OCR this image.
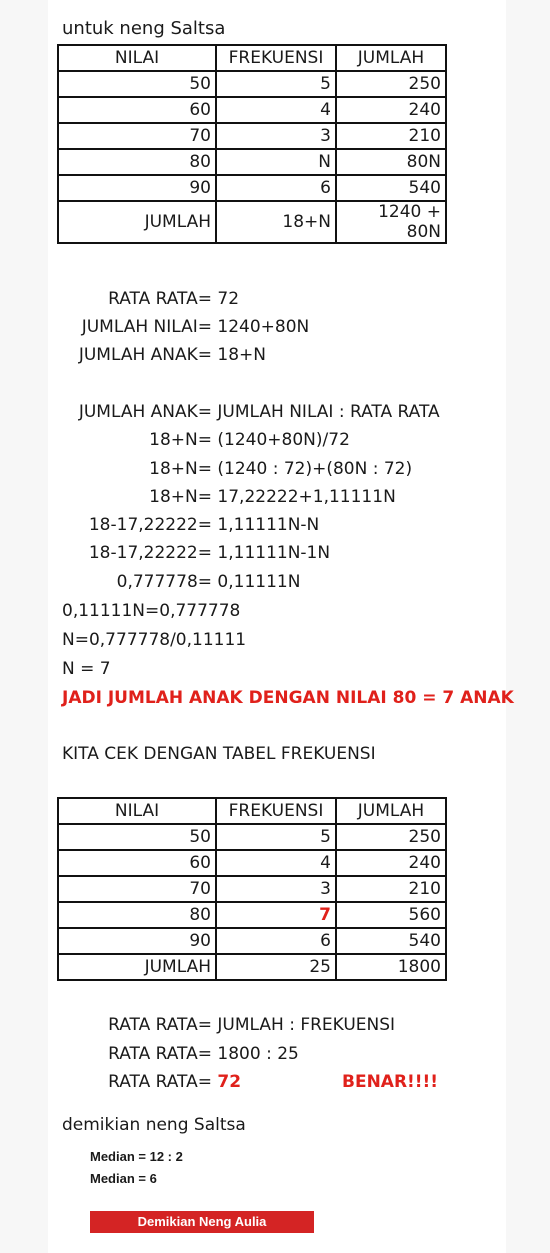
untuk neng Saltsa
NILAI	FREKUENSI	JUMLAH
50	5	250
60	4	240
70	3	210
80	N	80N
90	6	540
JUMLAH	18+N	1240 + 80N
RATA RATA= 72
JUMLAH NILAI= 1240+80N
JUMLAH ANAK= 18+N
JUMLAH ANAK= JUMLAH NILAI : RATA RATA
18+N= (1240+80N)/72
18+N= (1240 : 72)+(80N : 72)
18+N= 17,22222+1,11111N
18-17,22222= 1,11111N-N
18-17,22222= 1,11111N-1N
0,777778= 0,11111N
0,11111N=0,777778
N=0,777778/0,11111
N = 7
JADI JUMLAH ANAK DENGAN NILAI 80 = 7 ANAK
KITA CEK DENGAN TABEL FREKUENSI
NILAI	FREKUENSI	JUMLAH
50	5	250
60	4	240
70	3	210
80	7	560
90	6	540
JUMLAH	25	1800
RATA RATA= JUMLAH : FREKUENSI
RATA RATA= 1800 : 25
RATA RATA= 72	BENAR!!!!
demikian neng Saltsa
Median = 12 : 2
Median = 6
Demikian Neng Aulia
